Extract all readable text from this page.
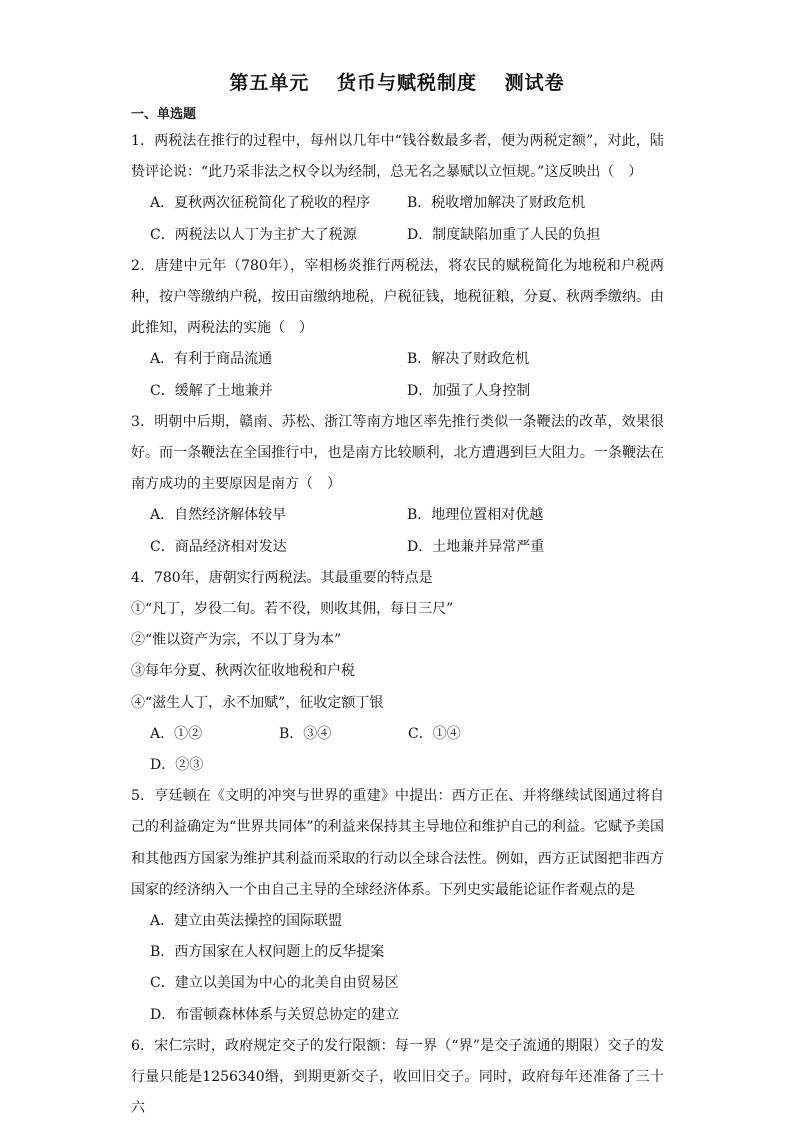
第五单元 货币与赋税制度 测试卷
一、单选题

1．两税法在推行的过程中，每州以几年中“钱谷数最多者，便为两税定额”，对此，陆贽评论说：“此乃采非法之权令以为经制，总无名之暴赋以立恒规。”这反映出（　）

A．夏秋两次征税简化了税收的程序	B．税收增加解决了财政危机
C．两税法以人丁为主扩大了税源	D．制度缺陷加重了人民的负担

2．唐建中元年（780年），宰相杨炎推行两税法，将农民的赋税简化为地税和户税两种，按户等缴纳户税，按田亩缴纳地税，户税征钱，地税征粮，分夏、秋两季缴纳。由此推知，两税法的实施（　）

A．有利于商品流通	B．解决了财政危机
C．缓解了土地兼并	D．加强了人身控制

3．明朝中后期，赣南、苏松、浙江等南方地区率先推行类似一条鞭法的改革，效果很好。而一条鞭法在全国推行中，也是南方比较顺利，北方遭遇到巨大阻力。一条鞭法在南方成功的主要原因是南方（　）

A．自然经济解体较早	B．地理位置相对优越
C．商品经济相对发达	D．土地兼并异常严重

4．780年，唐朝实行两税法。其最重要的特点是

①“凡丁，岁役二旬。若不役，则收其佣，每日三尺”

②“惟以资产为宗，不以丁身为本”

③每年分夏、秋两次征收地税和户税

④“滋生人丁，永不加赋”，征收定额丁银

A．①②	B．③④	C．①④
D．②③

5．亨廷顿在《文明的冲突与世界的重建》中提出：西方正在、并将继续试图通过将自己的利益确定为“世界共同体”的利益来保持其主导地位和维护自己的利益。它赋予美国和其他西方国家为维护其利益而采取的行动以全球合法性。例如，西方正试图把非西方国家的经济纳入一个由自己主导的全球经济体系。下列史实最能论证作者观点的是

A．建立由英法操控的国际联盟
B．西方国家在人权问题上的反华提案
C．建立以美国为中心的北美自由贸易区
D．布雷顿森林体系与关贸总协定的建立

6．宋仁宗时，政府规定交子的发行限额：每一界（“界”是交子流通的期限）交子的发行量只能是1256340缗，到期更新交子，收回旧交子。同时，政府每年还准备了三十六
